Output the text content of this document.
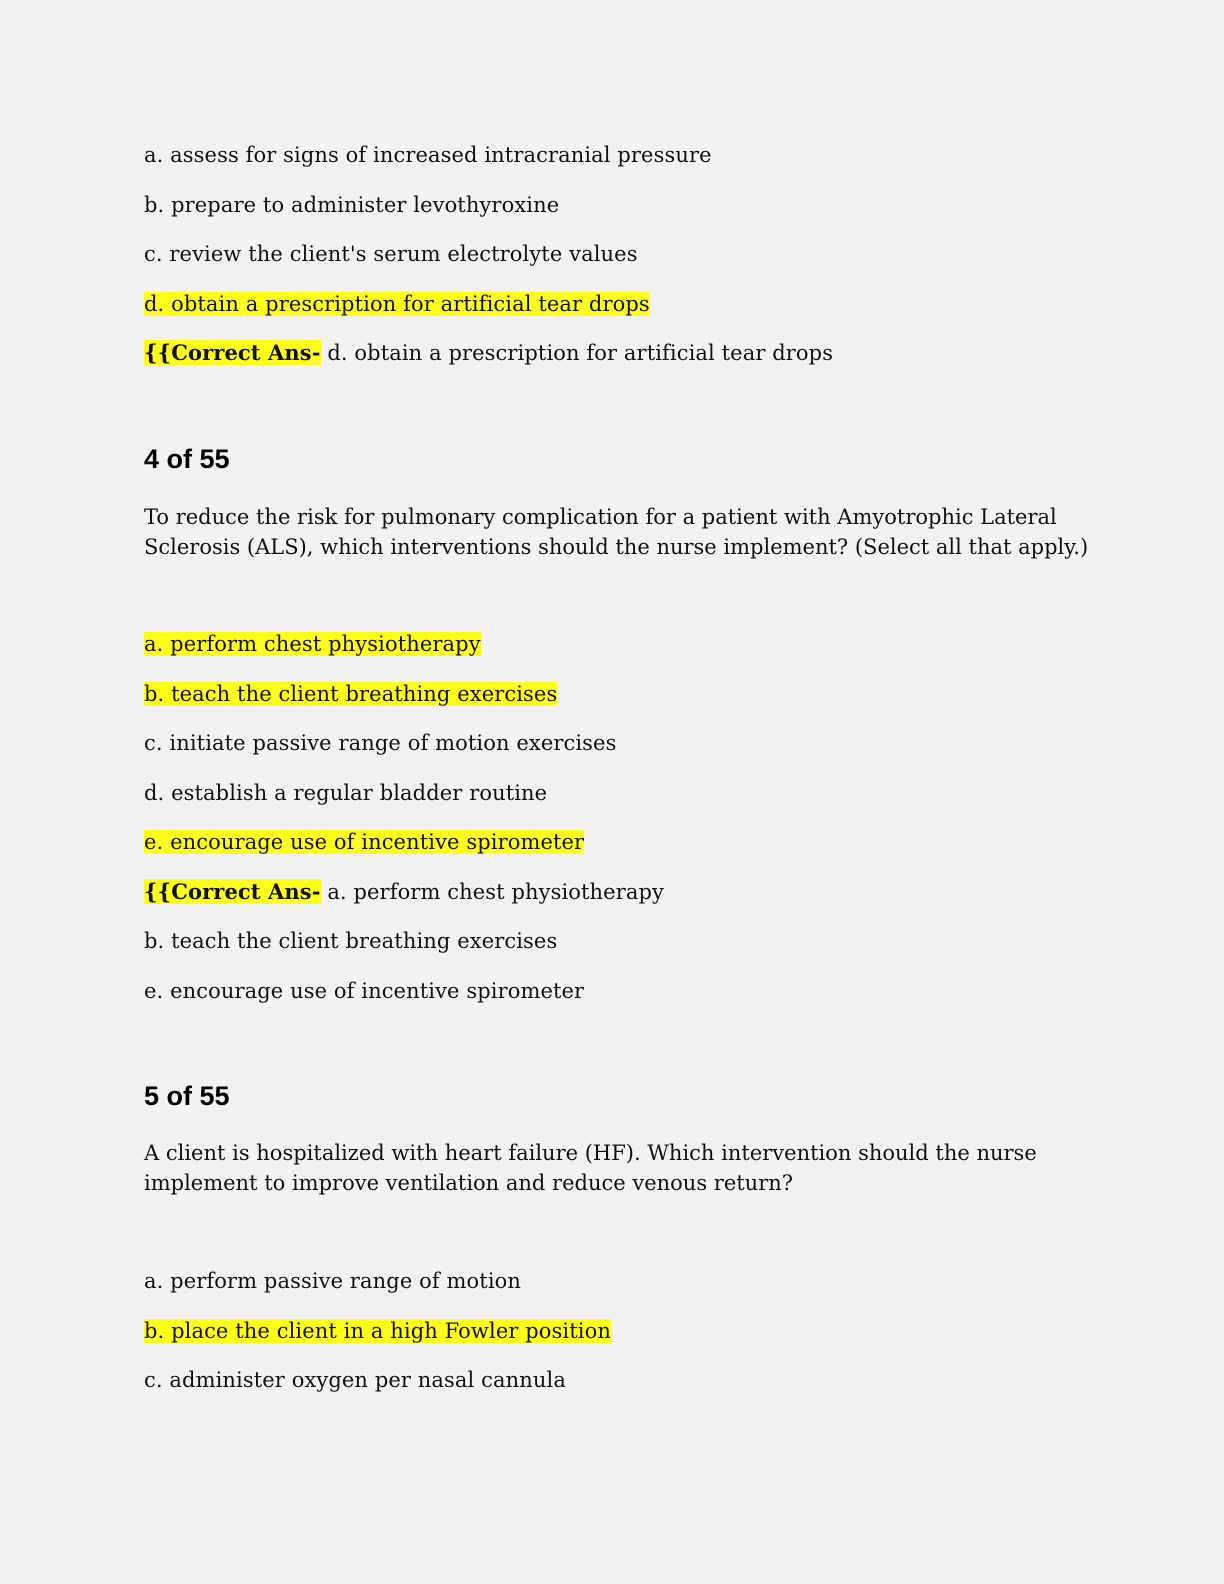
a. assess for signs of increased intracranial pressure
b. prepare to administer levothyroxine
c. review the client's serum electrolyte values
d. obtain a prescription for artificial tear drops
{{Correct Ans- d. obtain a prescription for artificial tear drops
4 of 55
To reduce the risk for pulmonary complication for a patient with Amyotrophic Lateral Sclerosis (ALS), which interventions should the nurse implement? (Select all that apply.)
a. perform chest physiotherapy
b. teach the client breathing exercises
c. initiate passive range of motion exercises
d. establish a regular bladder routine
e. encourage use of incentive spirometer
{{Correct Ans- a. perform chest physiotherapy
b. teach the client breathing exercises
e. encourage use of incentive spirometer
5 of 55
A client is hospitalized with heart failure (HF). Which intervention should the nurse implement to improve ventilation and reduce venous return?
a. perform passive range of motion
b. place the client in a high Fowler position
c. administer oxygen per nasal cannula
